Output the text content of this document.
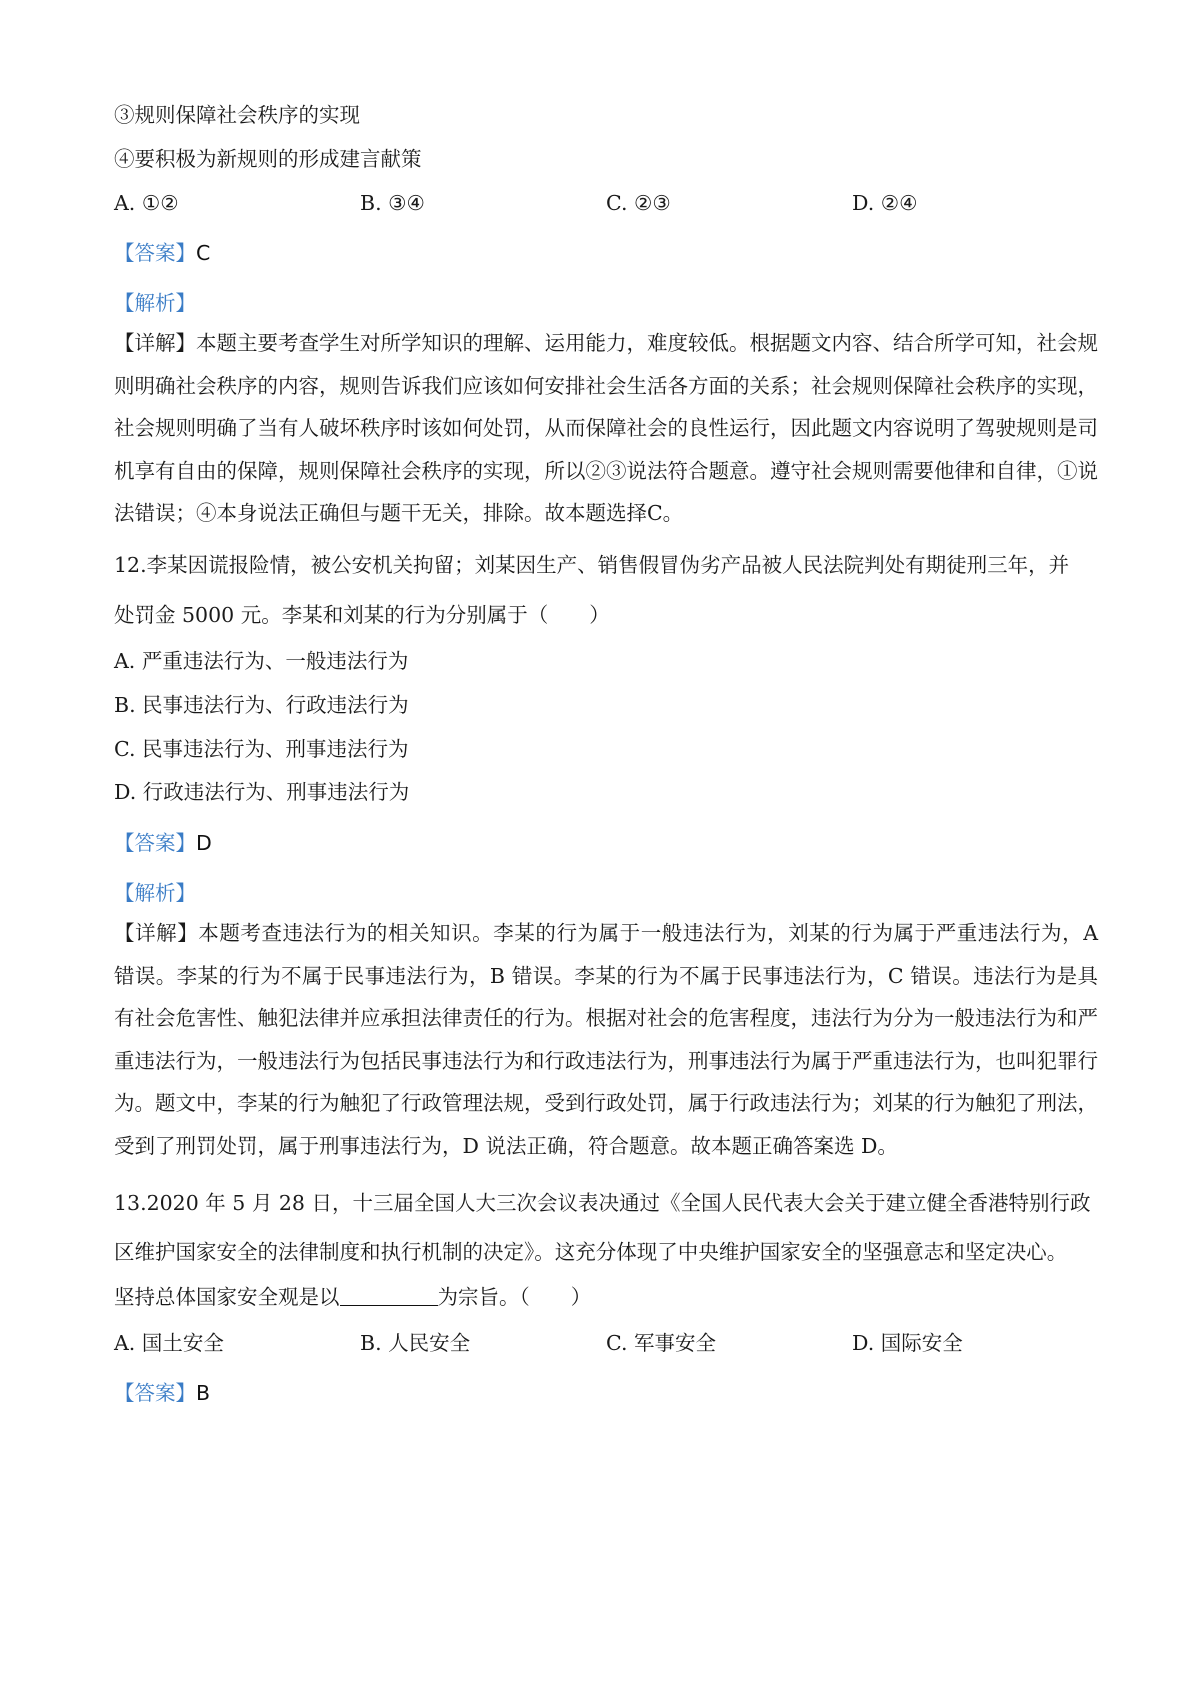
③规则保障社会秩序的实现
④要积极为新规则的形成建言献策
A. ①②	B. ③④	C. ②③	D. ②④
【答案】C
【解析】
【详解】本题主要考查学生对所学知识的理解、运用能力，难度较低。根据题文内容、结合所学可知，社会规则明确社会秩序的内容，规则告诉我们应该如何安排社会生活各方面的关系；社会规则保障社会秩序的实现，社会规则明确了当有人破坏秩序时该如何处罚，从而保障社会的良性运行，因此题文内容说明了驾驶规则是司机享有自由的保障，规则保障社会秩序的实现，所以②③说法符合题意。遵守社会规则需要他律和自律，①说法错误；④本身说法正确但与题干无关，排除。故本题选择C。
12.李某因谎报险情，被公安机关拘留；刘某因生产、销售假冒伪劣产品被人民法院判处有期徒刑三年，并
处罚金 5000 元。李某和刘某的行为分别属于（　　）
A. 严重违法行为、一般违法行为
B. 民事违法行为、行政违法行为
C. 民事违法行为、刑事违法行为
D. 行政违法行为、刑事违法行为
【答案】D
【解析】
【详解】本题考查违法行为的相关知识。李某的行为属于一般违法行为，刘某的行为属于严重违法行为，A 错误。李某的行为不属于民事违法行为，B 错误。李某的行为不属于民事违法行为，C 错误。违法行为是具有社会危害性、触犯法律并应承担法律责任的行为。根据对社会的危害程度，违法行为分为一般违法行为和严重违法行为，一般违法行为包括民事违法行为和行政违法行为，刑事违法行为属于严重违法行为，也叫犯罪行为。题文中，李某的行为触犯了行政管理法规，受到行政处罚，属于行政违法行为；刘某的行为触犯了刑法，受到了刑罚处罚，属于刑事违法行为，D 说法正确，符合题意。故本题正确答案选 D。
13.2020 年 5 月 28 日，十三届全国人大三次会议表决通过《全国人民代表大会关于建立健全香港特别行政
区维护国家安全的法律制度和执行机制的决定》。这充分体现了中央维护国家安全的坚强意志和坚定决心。
坚持总体国家安全观是以	为宗旨。（　　）
A. 国土安全	B. 人民安全	C. 军事安全	D. 国际安全
【答案】B
